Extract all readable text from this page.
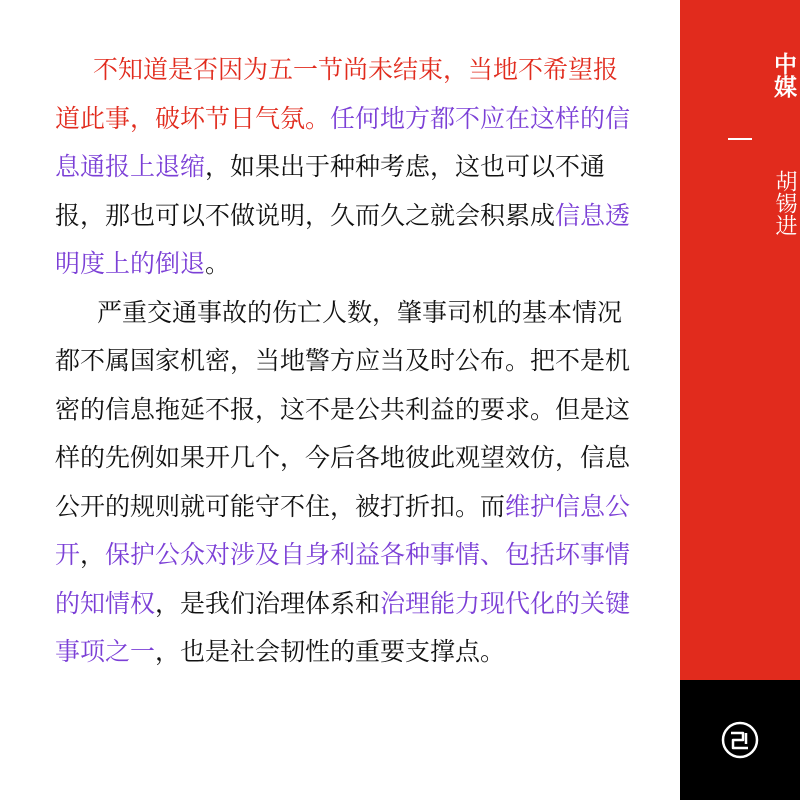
不知道是否因为五一节尚未结束，当地不希望报道此事，破坏节日气氛。任何地方都不应在这样的信息通报上退缩，如果出于种种考虑，这也可以不通报，那也可以不做说明，久而久之就会积累成信息透明度上的倒退。

严重交通事故的伤亡人数，肇事司机的基本情况都不属国家机密，当地警方应当及时公布。把不是机密的信息拖延不报，这不是公共利益的要求。但是这样的先例如果开几个，今后各地彼此观望效仿，信息公开的规则就可能守不住，被打折扣。而维护信息公开，保护公众对涉及自身利益各种事情、包括坏事情的知情权，是我们治理体系和治理能力现代化的关键事项之一，也是社会韧性的重要支撑点。

中媒
胡锡进
